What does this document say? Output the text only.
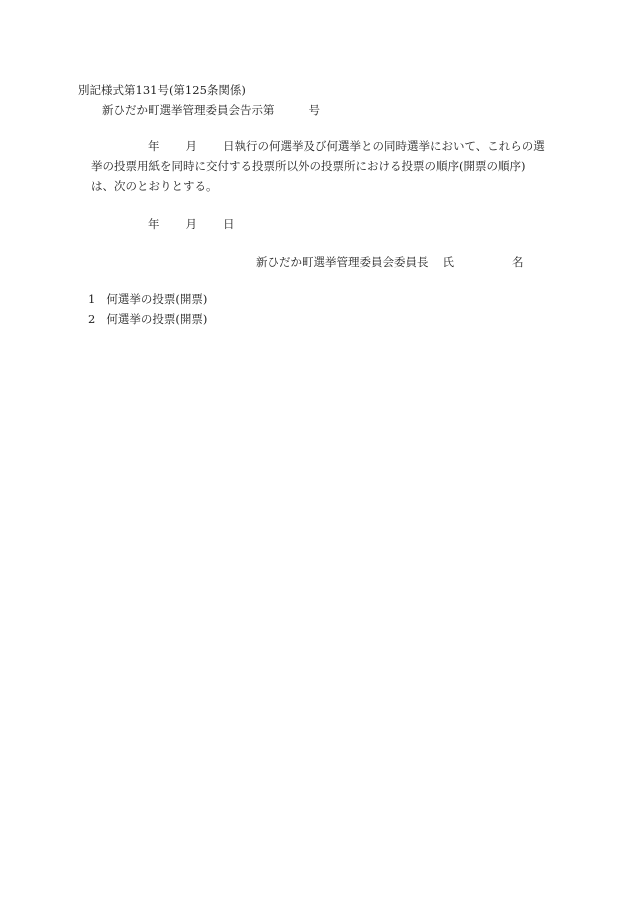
別記様式第131号(第125条関係)
新ひだか町選挙管理委員会告示第	号
年 月 日執行の何選挙及び何選挙との同時選挙において、これらの選
挙の投票用紙を同時に交付する投票所以外の投票所における投票の順序(開票の順序)
は、次のとおりとする。
年 月 日
新ひだか町選挙管理委員会委員長 氏	名
1 何選挙の投票(開票)
2 何選挙の投票(開票)
